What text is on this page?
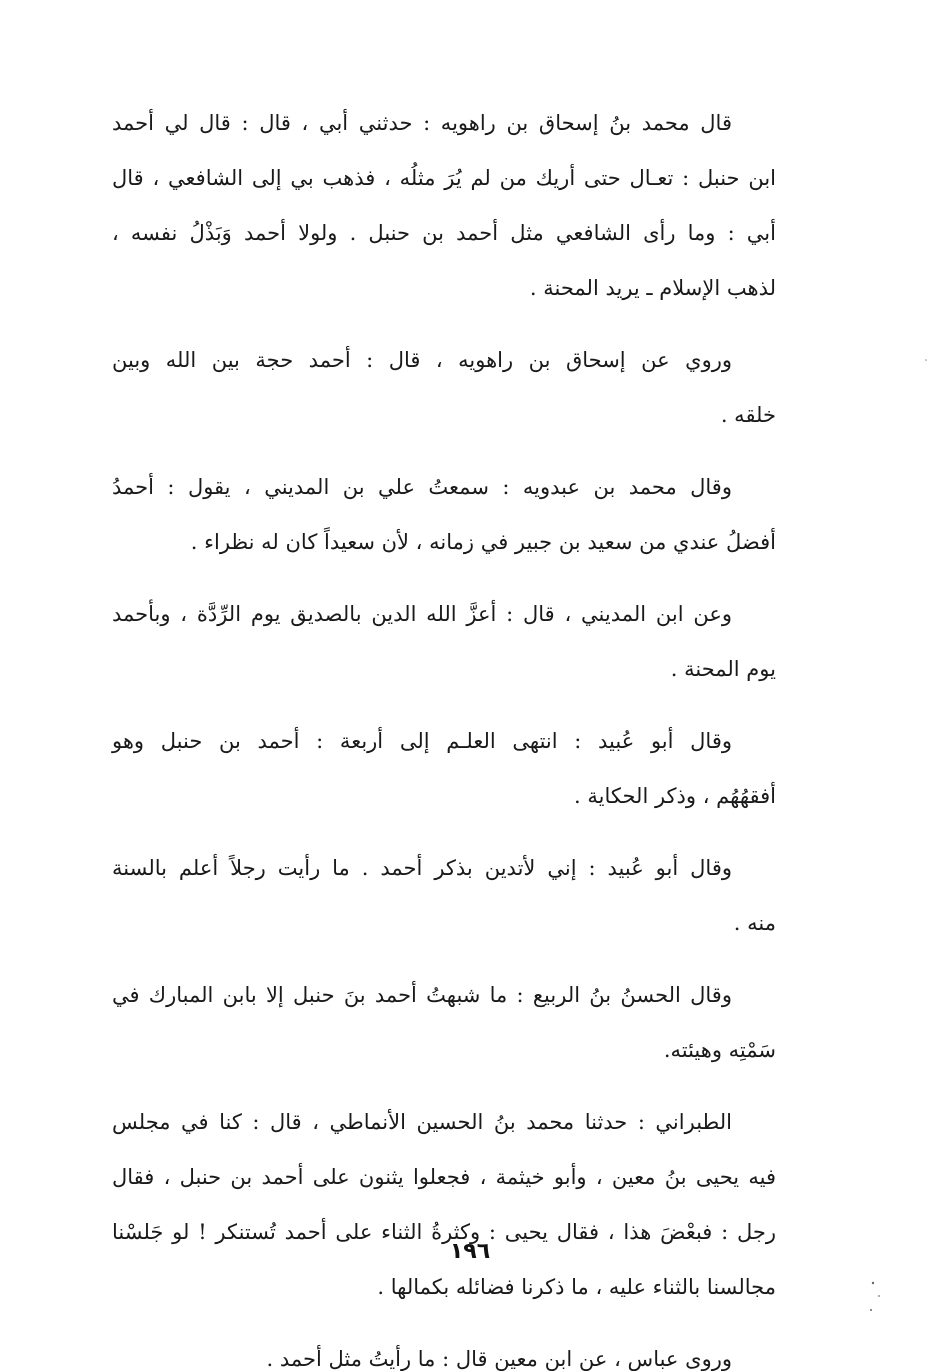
قال محمد بنُ إسحاق بن راهويه : حدثني أبي ، قال : قال لي أحمد
ابن حنبل : تعـال حتى أريك من لم يُرَ مثلُه ، فذهب بي إلى الشافعي ، قال
أبي : وما رأى الشافعي مثل أحمد بن حنبل . ولولا أحمد وَبَذْلُ نفسه ،
لذهب الإسلام ـ يريد المحنة .

وروي عن إسحاق بن راهويه ، قال : أحمد حجة بين الله وبين
خلقه .

وقال محمد بن عبدويه : سمعتُ علي بن المديني ، يقول : أحمدُ
أفضلُ عندي من سعيد بن جبير في زمانه ، لأن سعيداً كان له نظراء .

وعن ابن المديني ، قال : أعزَّ الله الدين بالصديق يوم الرِّدَّة ، وبأحمد
يوم المحنة .

وقال أبو عُبيد : انتهى العلـم إلى أربعة : أحمد بن حنبل وهو
أفقهُهُم ، وذكر الحكاية .

وقال أبو عُبيد : إني لأتدين بذكر أحمد . ما رأيت رجلاً أعلم بالسنة
منه .

وقال الحسنُ بنُ الربيع : ما شبهتُ أحمد بنَ حنبل إلا بابن المبارك في
سَمْتِه وهيئته.

الطبراني : حدثنا محمد بنُ الحسين الأنماطي ، قال : كنا في مجلس
فيه يحيى بنُ معين ، وأبو خيثمة ، فجعلوا يثنون على أحمد بن حنبل ، فقال
رجل : فبعْضَ هذا ، فقال يحيى : وكثرةُ الثناء على أحمد تُستنكر ! لو جَلسْنا
مجالسنا بالثناء عليه ، ما ذكرنا فضائله بكمالها .

وروى عباس ، عن ابن معين قال : ما رأيتُ مثل أحمد .

١٩٦
